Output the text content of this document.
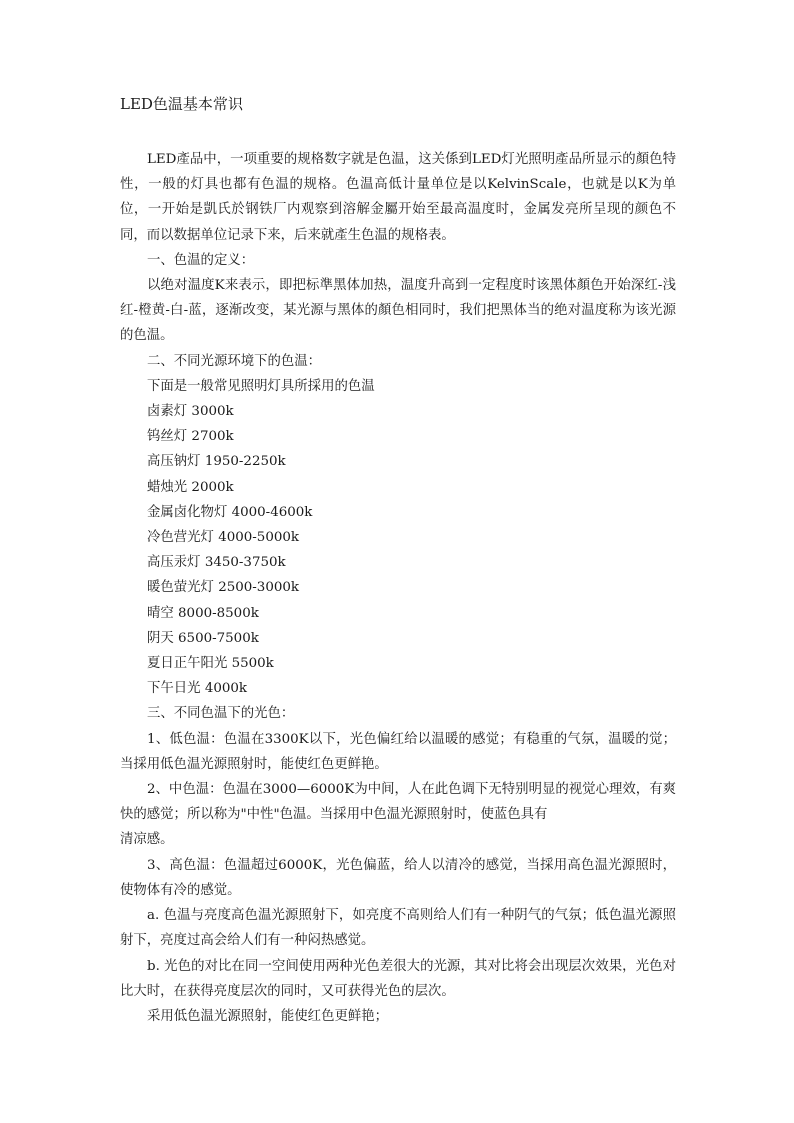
LED色温基本常识

LED產品中，一项重要的规格数字就是色温，这关係到LED灯光照明產品所显示的顏色特性，一般的灯具也都有色温的规格。色温高低计量单位是以KelvinScale，也就是以K为单位，一开始是凱氏於钢铁厂内观察到溶解金屬开始至最高温度时，金属发亮所呈现的颜色不同，而以数据单位记录下来，后来就產生色温的规格表。

一、色温的定义：

以绝对温度K来表示，即把标準黑体加热，温度升高到一定程度时该黑体顏色开始深红-浅红-橙黄-白-蓝，逐渐改变，某光源与黑体的顏色相同时，我们把黑体当的绝对温度称为该光源的色温。

二、不同光源环境下的色温：

下面是一般常见照明灯具所採用的色温

卤素灯 3000k

钨丝灯 2700k

高压钠灯 1950-2250k

蜡烛光 2000k

金属卤化物灯 4000-4600k

冷色营光灯 4000-5000k

高压汞灯 3450-3750k

暖色萤光灯 2500-3000k

晴空 8000-8500k

阴天 6500-7500k

夏日正午阳光 5500k

下午日光 4000k

三、不同色温下的光色：

1、低色温：色温在3300K以下，光色偏红给以温暖的感觉；有稳重的气氛，温暖的觉；当採用低色温光源照射时，能使红色更鲜艳。

2、中色温：色温在3000—6000K为中间，人在此色调下无特别明显的视觉心理效，有爽快的感觉；所以称为"中性"色温。当採用中色温光源照射时，使蓝色具有

清凉感。

3、高色温：色温超过6000K，光色偏蓝，给人以清冷的感觉，当採用高色温光源照时，使物体有冷的感觉。

a. 色温与亮度高色温光源照射下，如亮度不高则给人们有一种阴气的气氛；低色温光源照射下，亮度过高会给人们有一种闷热感觉。

b. 光色的对比在同一空间使用两种光色差很大的光源，其对比将会出现层次效果，光色对比大时，在获得亮度层次的同时，又可获得光色的层次。

采用低色温光源照射，能使红色更鲜艳；
